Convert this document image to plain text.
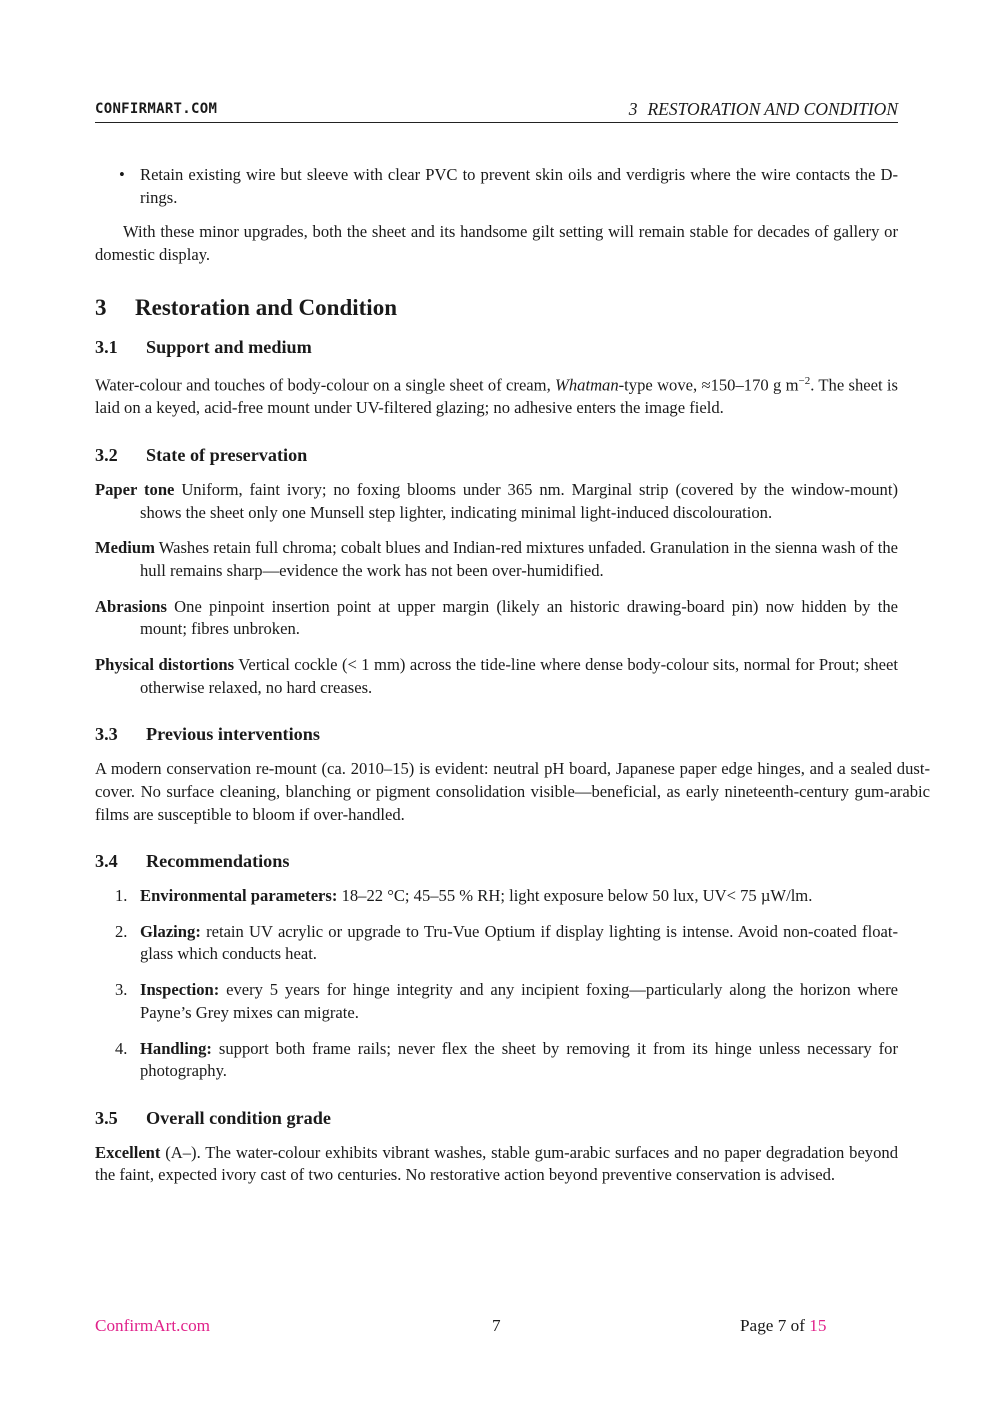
CONFIRMART.COM	3 RESTORATION AND CONDITION
• Retain existing wire but sleeve with clear PVC to prevent skin oils and verdigris where the wire contacts the D-rings.

With these minor upgrades, both the sheet and its handsome gilt setting will remain stable for decades of gallery or domestic display.

3 Restoration and Condition
3.1 Support and medium

Water-colour and touches of body-colour on a single sheet of cream, Whatman-type wove, ≈150–170 g $m^{-2}$. The sheet is laid on a keyed, acid-free mount under UV-filtered glazing; no adhesive enters the image field.

3.2 State of preservation
Paper tone Uniform, faint ivory; no foxing blooms under 365 nm. Marginal strip (covered by the window-mount) shows the sheet only one Munsell step lighter, indicating minimal light-induced discolouration.
Medium Washes retain full chroma; cobalt blues and Indian-red mixtures unfaded. Granulation in the sienna wash of the hull remains sharp—evidence the work has not been over-humidified.
Abrasions One pinpoint insertion point at upper margin (likely an historic drawing-board pin) now hidden by the mount; fibres unbroken.
Physical distortions Vertical cockle (< 1 mm) across the tide-line where dense body-colour sits, normal for Prout; sheet otherwise relaxed, no hard creases.
3.3 Previous interventions

A modern conservation re-mount (ca. 2010–15) is evident: neutral pH board, Japanese paper edge hinges, and a sealed dust-cover. No surface cleaning, blanching or pigment consolidation visible—beneficial, as early nineteenth-century gum-arabic films are susceptible to bloom if over-handled.

3.4 Recommendations
1. Environmental parameters: 18–22 °C; 45–55 % RH; light exposure below 50 lux, UV< 75 µW/lm.
2. Glazing: retain UV acrylic or upgrade to Tru-Vue Optium if display lighting is intense. Avoid non-coated float-glass which conducts heat.
3. Inspection: every 5 years for hinge integrity and any incipient foxing—particularly along the horizon where Payne’s Grey mixes can migrate.
4. Handling: support both frame rails; never flex the sheet by removing it from its hinge unless necessary for photography.
3.5 Overall condition grade

Excellent (A–). The water-colour exhibits vibrant washes, stable gum-arabic surfaces and no paper degradation beyond the faint, expected ivory cast of two centuries. No restorative action beyond preventive conservation is advised.

ConfirmArt.com	7	Page 7 of 15
